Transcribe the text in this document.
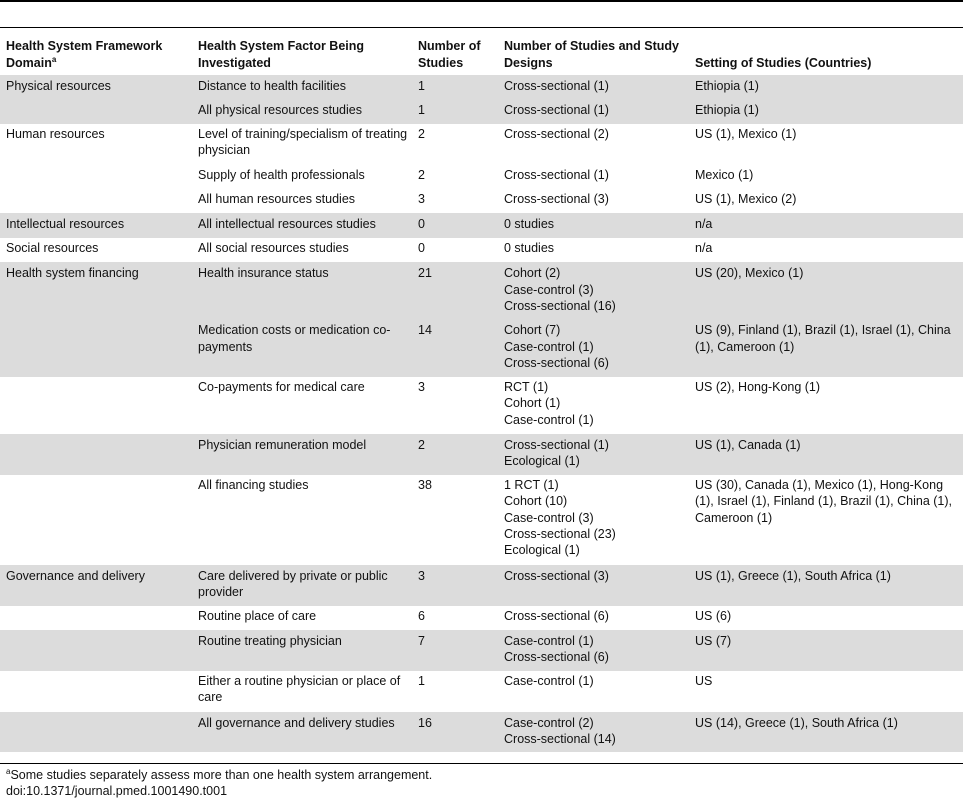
Health System Framework Domain$^a$	Health System Factor Being Investigated	Number of Studies	Number of Studies and Study Designs	Setting of Studies (Countries)
Physical resources	Distance to health facilities	1	Cross-sectional (1)	Ethiopia (1)
	All physical resources studies	1	Cross-sectional (1)	Ethiopia (1)
Human resources	Level of training/specialism of treating physician	2	Cross-sectional (2)	US (1), Mexico (1)
	Supply of health professionals	2	Cross-sectional (1)	Mexico (1)
	All human resources studies	3	Cross-sectional (3)	US (1), Mexico (2)
Intellectual resources	All intellectual resources studies	0	0 studies	n/a
Social resources	All social resources studies	0	0 studies	n/a
Health system financing	Health insurance status	21	Cohort (2)
Case-control (3)
Cross-sectional (16)	US (20), Mexico (1)
	Medication costs or medication co-payments	14	Cohort (7)
Case-control (1)
Cross-sectional (6)	US (9), Finland (1), Brazil (1), Israel (1), China (1), Cameroon (1)
	Co-payments for medical care	3	RCT (1)
Cohort (1)
Case-control (1)	US (2), Hong-Kong (1)
	Physician remuneration model	2	Cross-sectional (1)
Ecological (1)	US (1), Canada (1)
	All financing studies	38	1 RCT (1)
Cohort (10)
Case-control (3)
Cross-sectional (23)
Ecological (1)	US (30), Canada (1), Mexico (1), Hong-Kong (1), Israel (1), Finland (1), Brazil (1), China (1), Cameroon (1)
Governance and delivery	Care delivered by private or public provider	3	Cross-sectional (3)	US (1), Greece (1), South Africa (1)
	Routine place of care	6	Cross-sectional (6)	US (6)
	Routine treating physician	7	Case-control (1)
Cross-sectional (6)	US (7)
	Either a routine physician or place of care	1	Case-control (1)	US
	All governance and delivery studies	16	Case-control (2)
Cross-sectional (14)	US (14), Greece (1), South Africa (1)
$^a$Some studies separately assess more than one health system arrangement.
doi:10.1371/journal.pmed.1001490.t001
